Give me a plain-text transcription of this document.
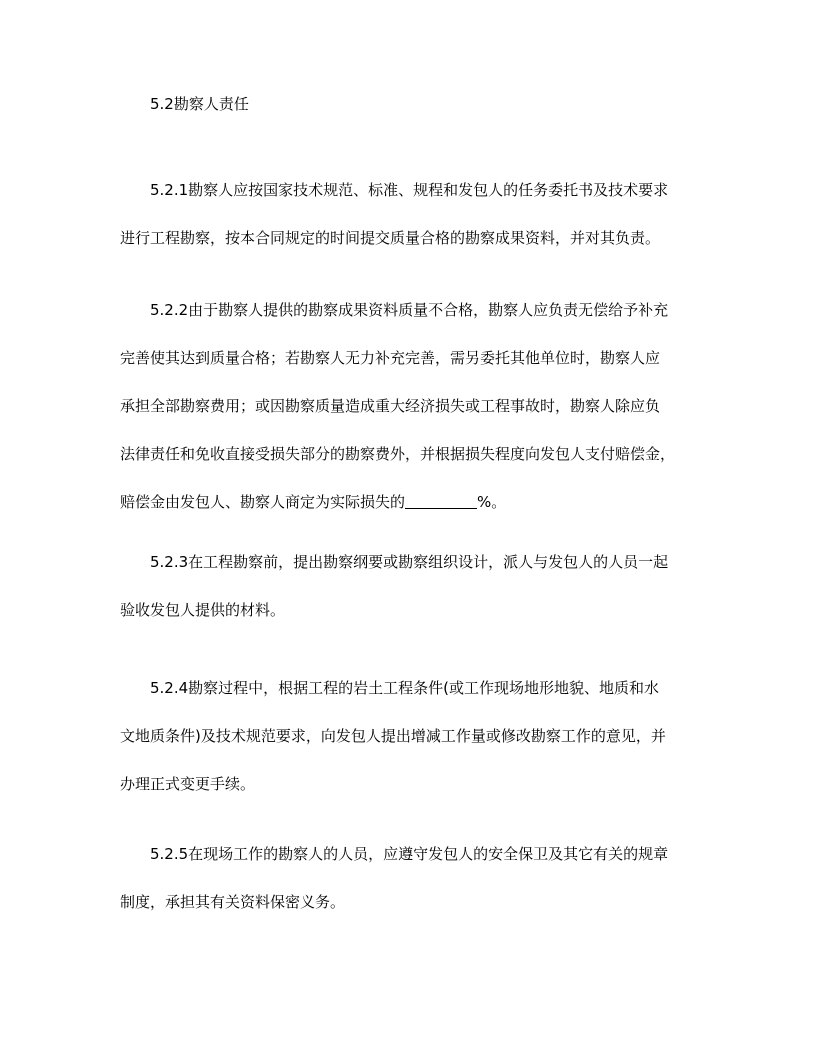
5.2勘察人责任
5.2.1勘察人应按国家技术规范、标准、规程和发包人的任务委托书及技术要求
进行工程勘察，按本合同规定的时间提交质量合格的勘察成果资料，并对其负责。
5.2.2由于勘察人提供的勘察成果资料质量不合格，勘察人应负责无偿给予补充
完善使其达到质量合格；若勘察人无力补充完善，需另委托其他单位时，勘察人应
承担全部勘察费用；或因勘察质量造成重大经济损失或工程事故时，勘察人除应负
法律责任和免收直接受损失部分的勘察费外，并根据损失程度向发包人支付赔偿金，
赔偿金由发包人、勘察人商定为实际损失的	%。
5.2.3在工程勘察前，提出勘察纲要或勘察组织设计，派人与发包人的人员一起
验收发包人提供的材料。
5.2.4勘察过程中，根据工程的岩土工程条件(或工作现场地形地貌、地质和水
文地质条件)及技术规范要求，向发包人提出增减工作量或修改勘察工作的意见，并
办理正式变更手续。
5.2.5在现场工作的勘察人的人员，应遵守发包人的安全保卫及其它有关的规章
制度，承担其有关资料保密义务。
